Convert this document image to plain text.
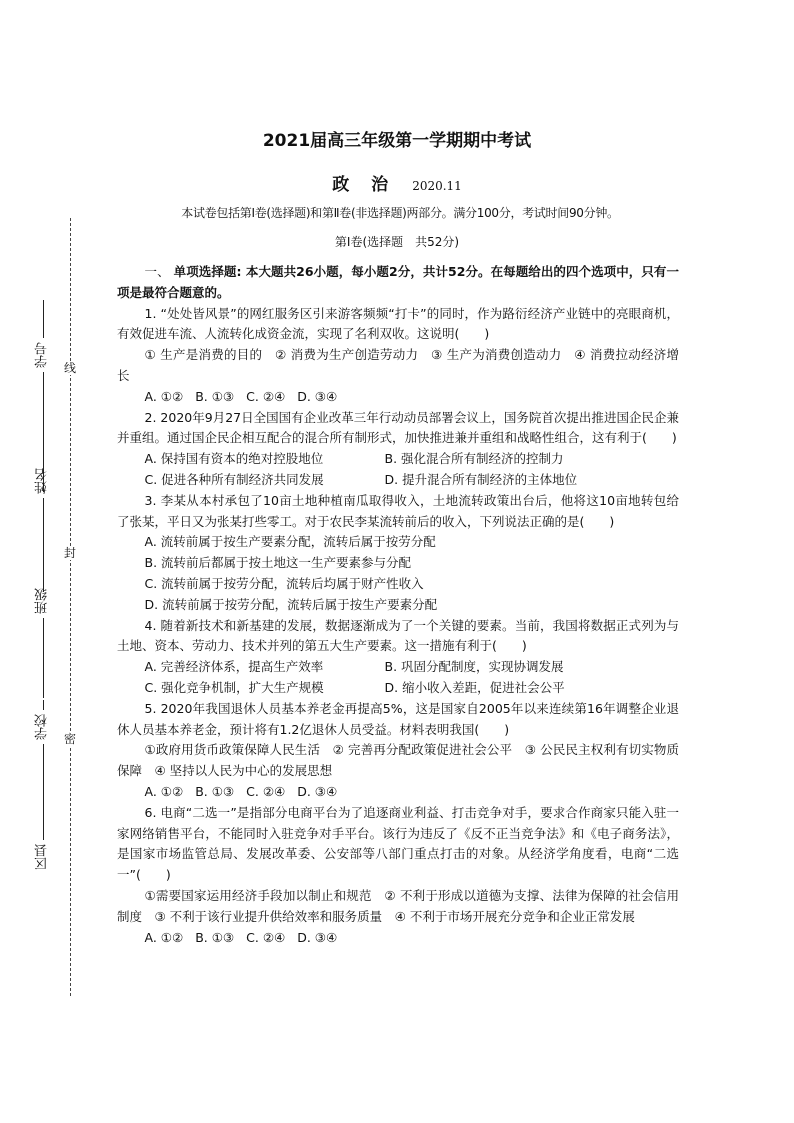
线
封
密
学号
姓名
班级
学校
区县
2021届高三年级第一学期期中考试
政治 2020.11
本试卷包括第Ⅰ卷(选择题)和第Ⅱ卷(非选择题)两部分。满分100分，考试时间90分钟。
第Ⅰ卷(选择题　共52分)

一、 单项选择题: 本大题共26小题，每小题2分，共计52分。在每题给出的四个选项中，只有一项是最符合题意的。

1. “处处皆风景”的网红服务区引来游客频频“打卡”的同时，作为路衍经济产业链中的亮眼商机，有效促进车流、人流转化成资金流，实现了名利双收。这说明(　　)

① 生产是消费的目的　② 消费为生产创造劳动力　③ 生产为消费创造动力　④ 消费拉动经济增长

A. ①② B. ①③ C. ②④ D. ③④

2. 2020年9月27日全国国有企业改革三年行动动员部署会议上，国务院首次提出推进国企民企兼并重组。通过国企民企相互配合的混合所有制形式，加快推进兼并重组和战略性组合，这有利于(　　)

A. 保持国有资本的绝对控股地位	B. 强化混合所有制经济的控制力

C. 促进各种所有制经济共同发展	D. 提升混合所有制经济的主体地位

3. 李某从本村承包了10亩土地种植南瓜取得收入，土地流转政策出台后，他将这10亩地转包给了张某，平日又为张某打些零工。对于农民李某流转前后的收入，下列说法正确的是(　　)

A. 流转前属于按生产要素分配，流转后属于按劳分配

B. 流转前后都属于按土地这一生产要素参与分配

C. 流转前属于按劳分配，流转后均属于财产性收入

D. 流转前属于按劳分配，流转后属于按生产要素分配

4. 随着新技术和新基建的发展，数据逐渐成为了一个关键的要素。当前，我国将数据正式列为与土地、资本、劳动力、技术并列的第五大生产要素。这一措施有利于(　　)

A. 完善经济体系，提高生产效率	B. 巩固分配制度，实现协调发展

C. 强化竞争机制，扩大生产规模	D. 缩小收入差距，促进社会公平

5. 2020年我国退休人员基本养老金再提高5%，这是国家自2005年以来连续第16年调整企业退休人员基本养老金，预计将有1.2亿退休人员受益。材料表明我国(　　)

①政府用货币政策保障人民生活　② 完善再分配政策促进社会公平　③ 公民民主权利有切实物质保障　④ 坚持以人民为中心的发展思想

A. ①② B. ①③ C. ②④ D. ③④

6. 电商“二选一”是指部分电商平台为了追逐商业利益、打击竞争对手，要求合作商家只能入驻一家网络销售平台，不能同时入驻竞争对手平台。该行为违反了《反不正当竞争法》和《电子商务法》，是国家市场监管总局、发展改革委、公安部等八部门重点打击的对象。从经济学角度看，电商“二选一”(　　)

①需要国家运用经济手段加以制止和规范　② 不利于形成以道德为支撑、法律为保障的社会信用制度　③ 不利于该行业提升供给效率和服务质量　④ 不利于市场开展充分竞争和企业正常发展

A. ①② B. ①③ C. ②④ D. ③④
